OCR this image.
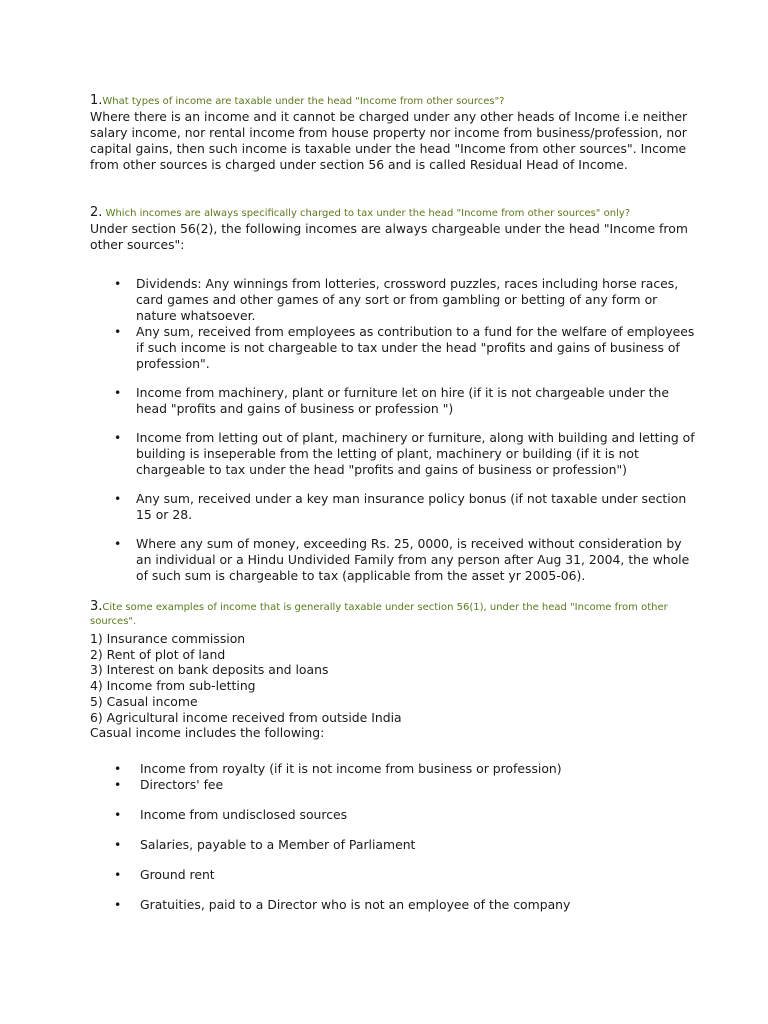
1.What types of income are taxable under the head "Income from other sources"?
Where there is an income and it cannot be charged under any other heads of Income i.e neither salary income, nor rental income from house property nor income from business/profession, nor capital gains, then such income is taxable under the head "Income from other sources". Income from other sources is charged under section 56 and is called Residual Head of Income.
2. Which incomes are always specifically charged to tax under the head "Income from other sources" only?
Under section 56(2), the following incomes are always chargeable under the head "Income from other sources":
• Dividends: Any winnings from lotteries, crossword puzzles, races including horse races, card games and other games of any sort or from gambling or betting of any form or nature whatsoever.
• Any sum, received from employees as contribution to a fund for the welfare of employees if such income is not chargeable to tax under the head "profits and gains of business of profession".
• Income from machinery, plant or furniture let on hire (if it is not chargeable under the head "profits and gains of business or profession ")
• Income from letting out of plant, machinery or furniture, along with building and letting of building is inseperable from the letting of plant, machinery or building (if it is not chargeable to tax under the head "profits and gains of business or profession")
• Any sum, received under a key man insurance policy bonus (if not taxable under section 15 or 28.
• Where any sum of money, exceeding Rs. 25, 0000, is received without consideration by an individual or a Hindu Undivided Family from any person after Aug 31, 2004, the whole of such sum is chargeable to tax (applicable from the asset yr 2005-06).
3.Cite some examples of income that is generally taxable under section 56(1), under the head "Income from other sources".
1) Insurance commission
2) Rent of plot of land
3) Interest on bank deposits and loans
4) Income from sub-letting
5) Casual income
6) Agricultural income received from outside India
Casual income includes the following:
• Income from royalty (if it is not income from business or profession)
• Directors' fee
• Income from undisclosed sources
• Salaries, payable to a Member of Parliament
• Ground rent
• Gratuities, paid to a Director who is not an employee of the company
